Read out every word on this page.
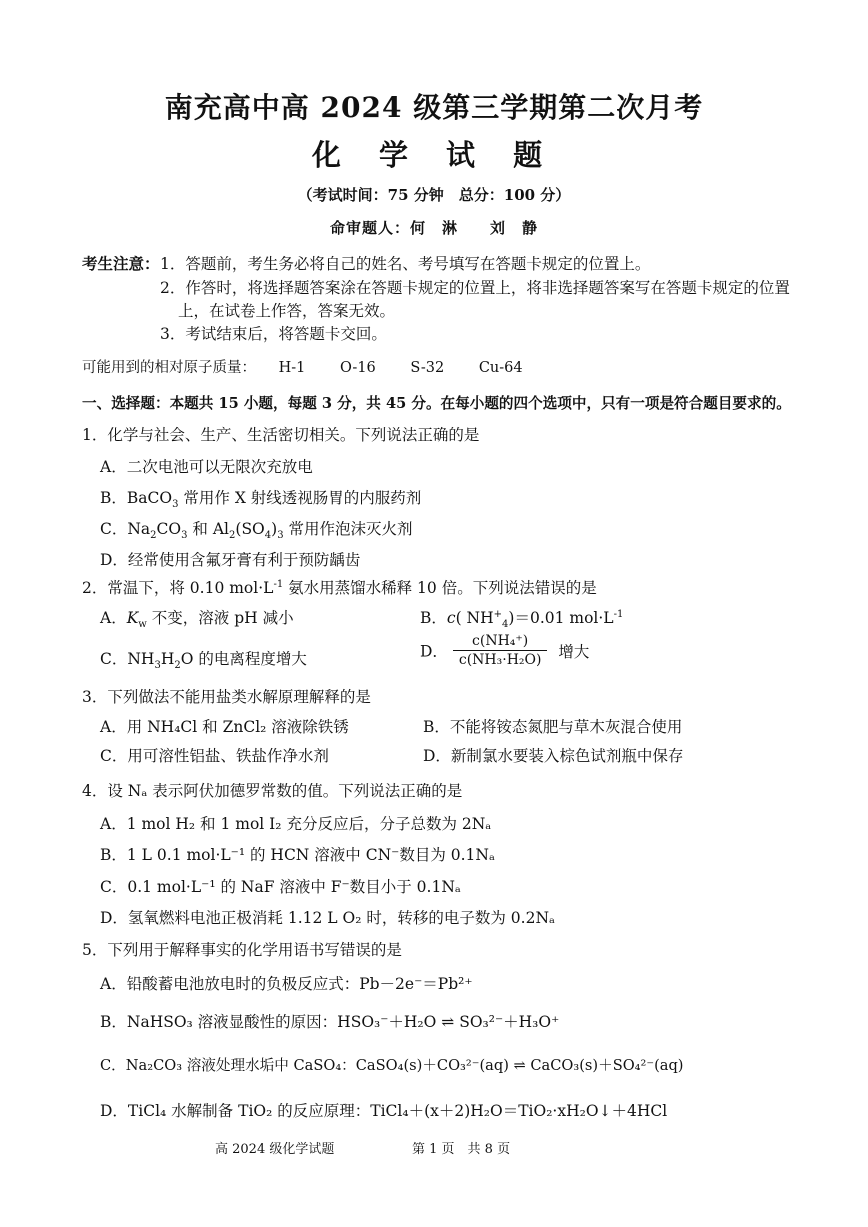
南充高中高 2024 级第三学期第二次月考
化 学 试 题
（考试时间：75 分钟　总分：100 分）
命审题人：何　淋　　刘　静
考生注意： 1．答题前，考生务必将自己的姓名、考号填写在答题卡规定的位置上。
2．作答时，将选择题答案涂在答题卡规定的位置上，将非选择题答案写在答题卡规定的位置
上，在试卷上作答，答案无效。
3．考试结束后，将答题卡交回。
可能用到的相对原子质量： H-1 O-16 S-32 Cu-64
一、选择题：本题共 15 小题，每题 3 分，共 45 分。在每小题的四个选项中，只有一项是符合题目要求的。
1．化学与社会、生产、生活密切相关。下列说法正确的是
A．二次电池可以无限次充放电
B．BaCO$_3$ 常用作 X 射线透视肠胃的内服药剂
C．$Na_2CO_3$ 和 $Al_2(SO_4)_3$ 常用作泡沫灭火剂
D．经常使用含氟牙膏有利于预防龋齿
2．常温下，将 0.10 $mol\cdot L^{-1}$ 氨水用蒸馏水稀释 10 倍。下列说法错误的是
A．$K_w$ 不变，溶液 pH 减小	B．c( $NH^+_4)=0.01$ $mol\cdot L^{-1}$
C．$NH_3H_2O$ 的电离程度增大	D． $\frac{\text{c(NH₄⁺)}}{\text{c(NH₃·H₂O)}}$ 增大
3．下列做法不能用盐类水解原理解释的是
A．用 NH₄Cl 和 ZnCl₂ 溶液除铁锈	B．不能将铵态氮肥与草木灰混合使用
C．用可溶性铝盐、铁盐作净水剂	D．新制氯水要装入棕色试剂瓶中保存
4．设 Nₐ 表示阿伏加德罗常数的值。下列说法正确的是
A．1 mol H₂ 和 1 mol I₂ 充分反应后，分子总数为 2Nₐ
B．1 L 0.1 mol·L⁻¹ 的 HCN 溶液中 CN⁻数目为 0.1Nₐ
C．0.1 mol·L⁻¹ 的 NaF 溶液中 F⁻数目小于 0.1Nₐ
D．氢氧燃料电池正极消耗 1.12 L O₂ 时，转移的电子数为 0.2Nₐ
5．下列用于解释事实的化学用语书写错误的是
A．铅酸蓄电池放电时的负极反应式：Pb－2e⁻＝Pb²⁺
B．NaHSO₃ 溶液显酸性的原因：HSO₃⁻＋H₂O ⇌ SO₃²⁻＋H₃O⁺
C．Na₂CO₃ 溶液处理水垢中 CaSO₄：CaSO₄(s)＋CO₃²⁻(aq) ⇌ CaCO₃(s)＋SO₄²⁻(aq)
D．TiCl₄ 水解制备 TiO₂ 的反应原理：TiCl₄＋(x＋2)H₂O＝TiO₂·xH₂O↓＋4HCl
高 2024 级化学试题	第 1 页　共 8 页
